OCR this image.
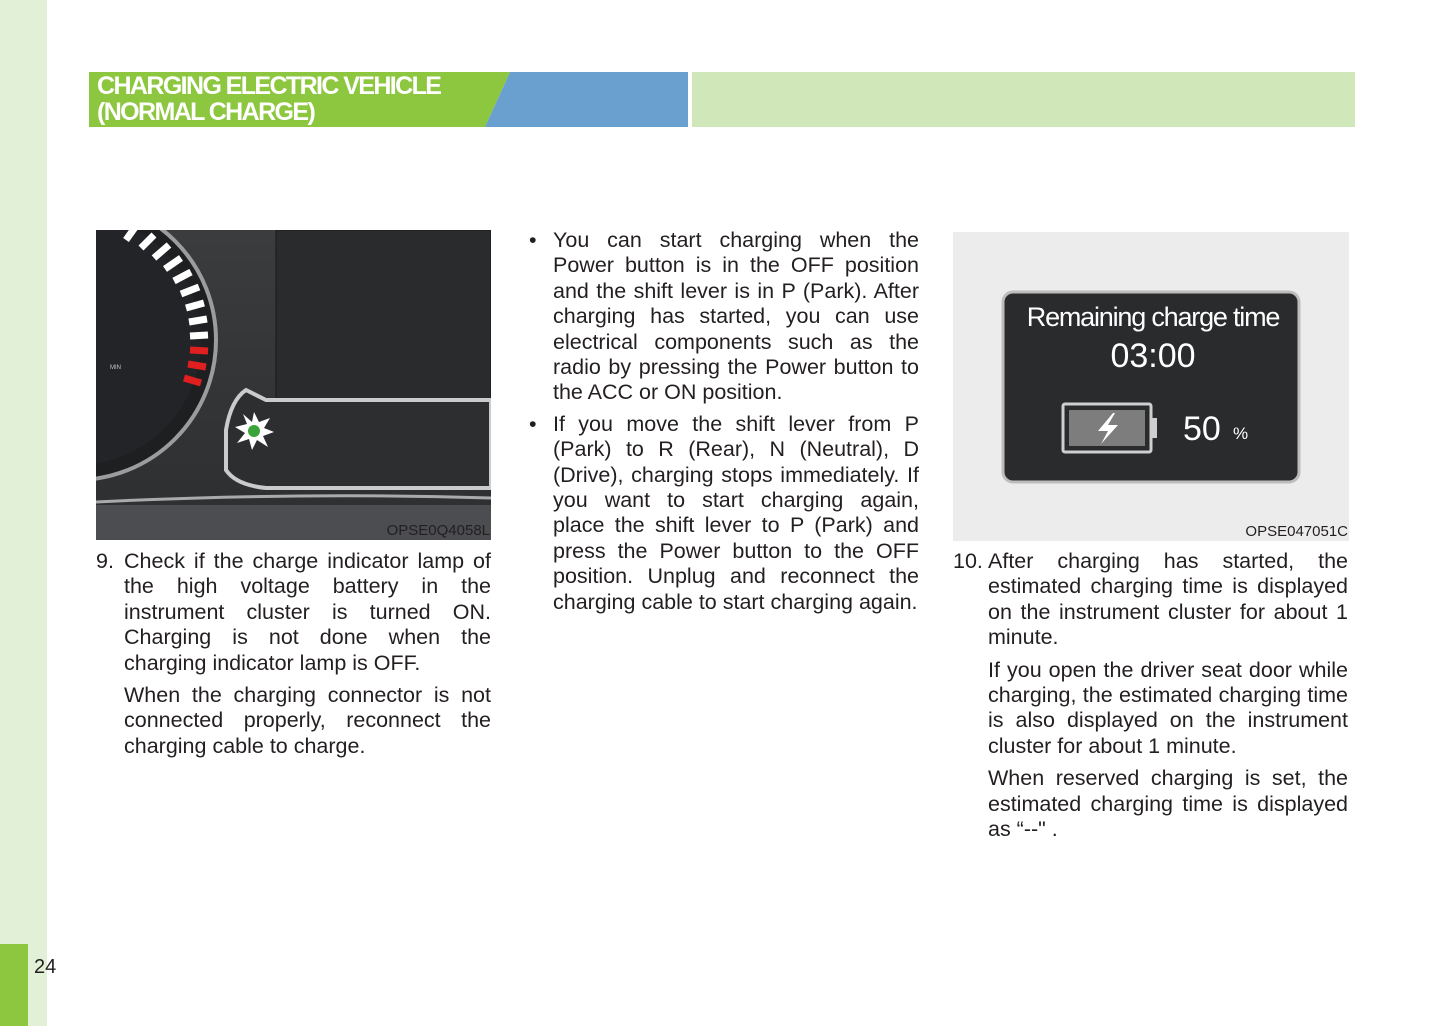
24
CHARGING ELECTRIC VEHICLE
(NORMAL CHARGE)
MIN
OPSE0Q4058L
Remaining charge time
03:00
50 %
OPSE047051C

9. Check if the charge indicator lamp of the high voltage battery in the instrument cluster is turned ON. Charging is not done when the charging indicator lamp is OFF.

When the charging connector is not connected properly, reconnect the charging cable to charge.

• You can start charging when the Power button is in the OFF position and the shift lever is in P (Park). After charging has started, you can use electrical components such as the radio by pressing the Power button to the ACC or ON position.
• If you move the shift lever from P (Park) to R (Rear), N (Neutral), D (Drive), charging stops immediately. If you want to start charging again, place the shift lever to P (Park) and press the Power button to the OFF position. Unplug and reconnect the charging cable to start charging again.

10. After charging has started, the estimated charging time is displayed on the instrument cluster for about 1 minute.

If you open the driver seat door while charging, the estimated charging time is also displayed on the instrument cluster for about 1 minute.

When reserved charging is set, the estimated charging time is displayed as “--" .
